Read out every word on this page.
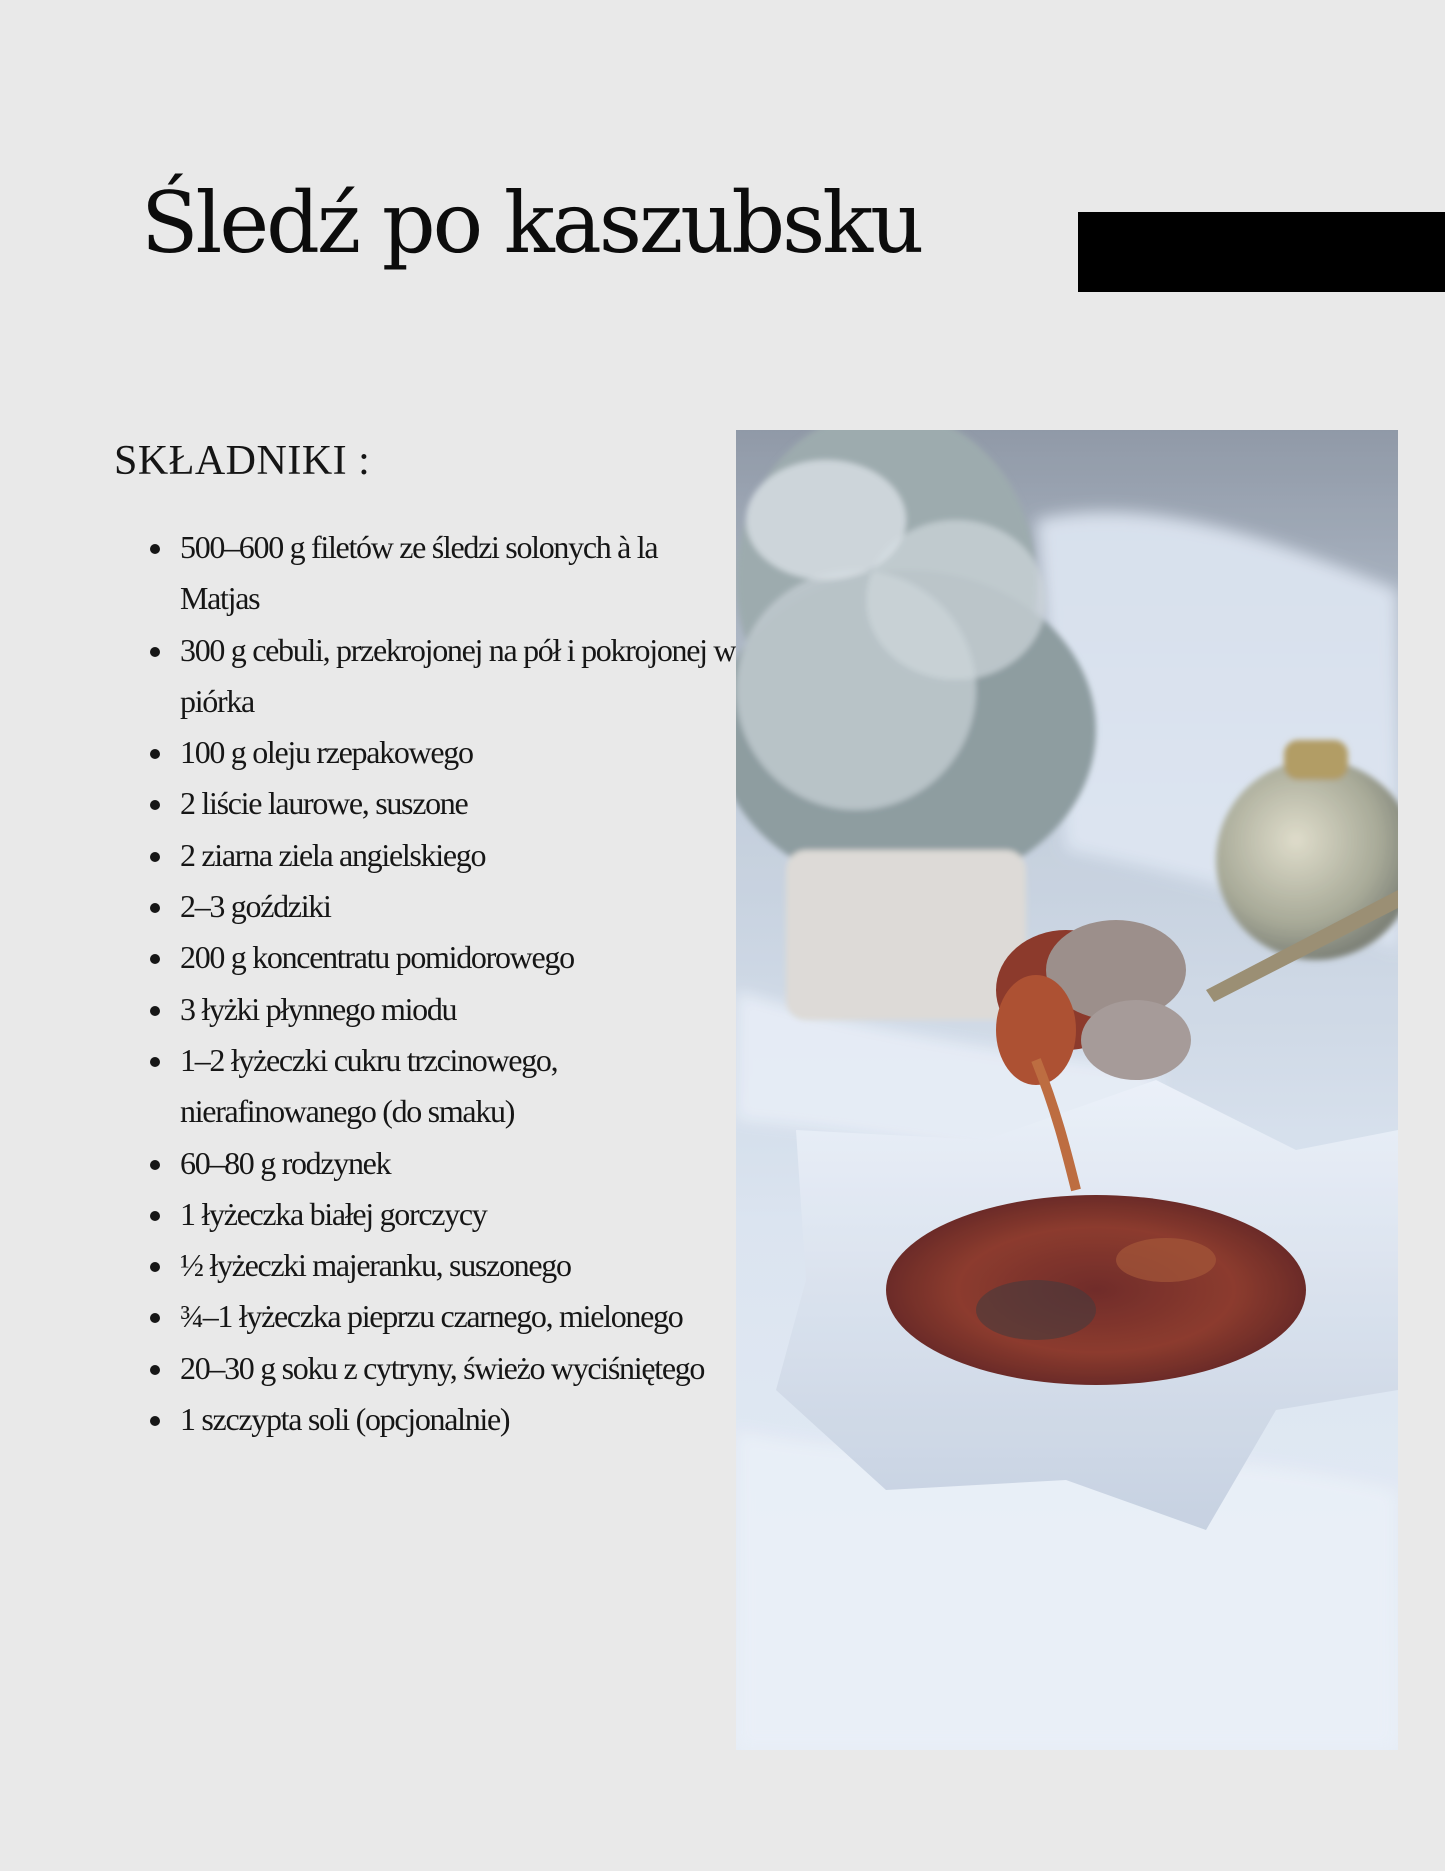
Śledź po kaszubsku
SKŁADNIKI :
• 500–600 g filetów ze śledzi solonych à la Matjas
• 300 g cebuli, przekrojonej na pół i pokrojonej w piórka
• 100 g oleju rzepakowego
• 2 liście laurowe, suszone
• 2 ziarna ziela angielskiego
• 2–3 goździki
• 200 g koncentratu pomidorowego
• 3 łyżki płynnego miodu
• 1–2 łyżeczki cukru trzcinowego, nierafinowanego (do smaku)
• 60–80 g rodzynek
• 1 łyżeczka białej gorczycy
• ½ łyżeczki majeranku, suszonego
• ¾–1 łyżeczka pieprzu czarnego, mielonego
• 20–30 g soku z cytryny, świeżo wyciśniętego
• 1 szczypta soli (opcjonalnie)
